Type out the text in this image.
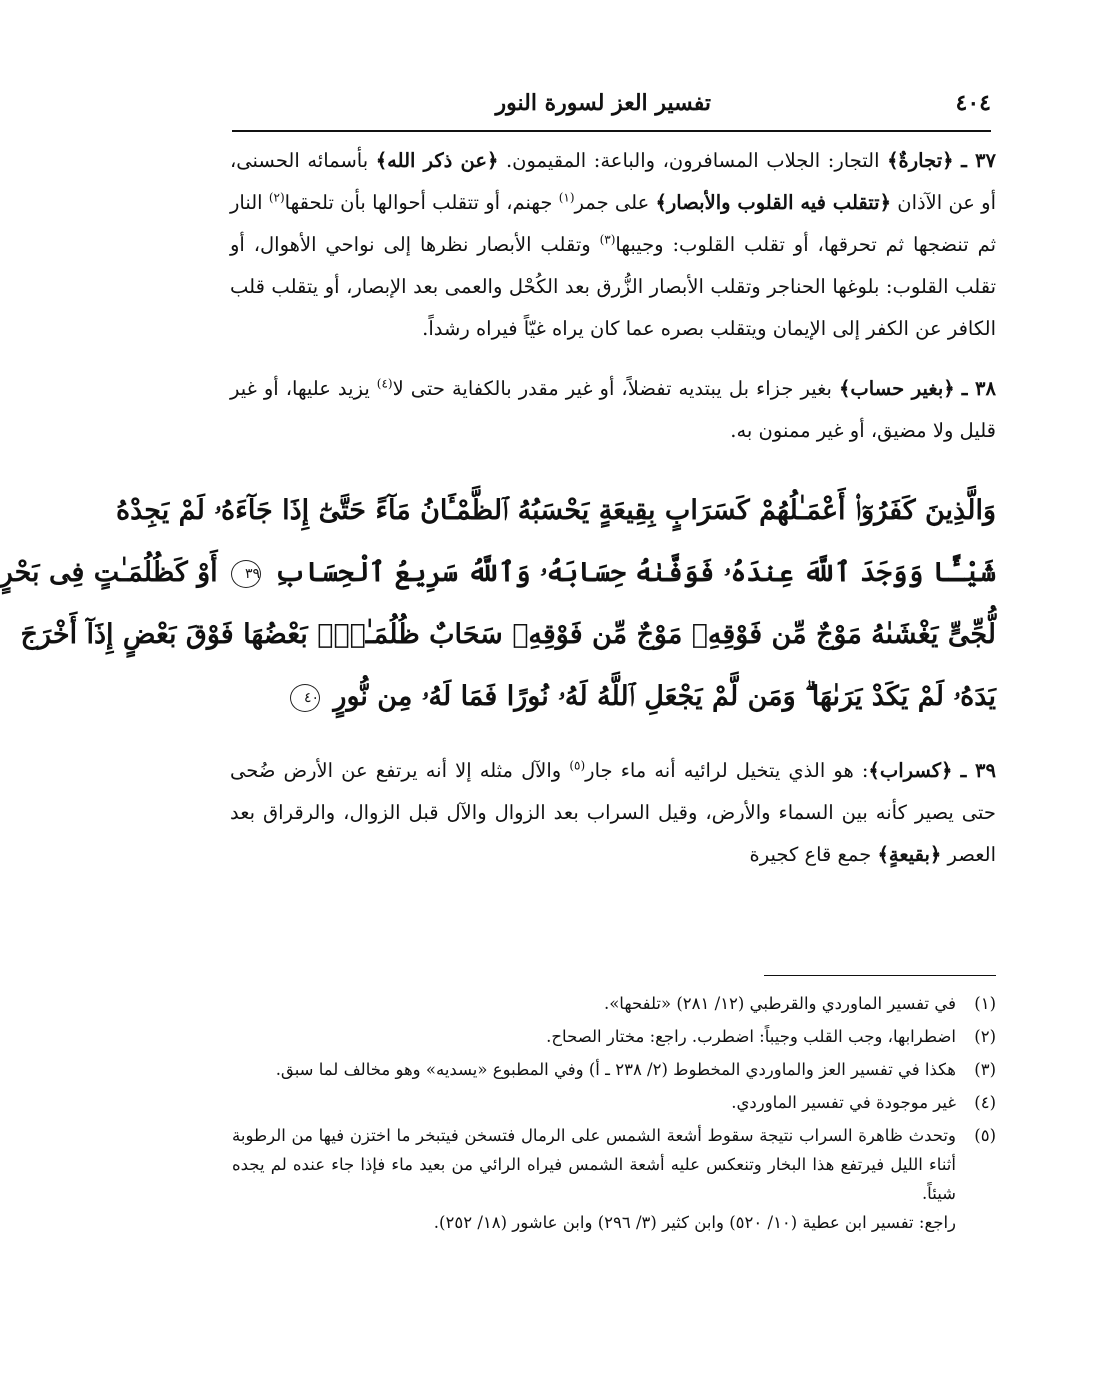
٤٠٤
تفسير العز لسورة النور

٣٧ ـ ﴿تجارةٌ﴾ التجار: الجلاب المسافرون، والباعة: المقيمون. ﴿عن ذكر الله﴾ بأسمائه الحسنى، أو عن الآذان ﴿تتقلب فيه القلوب والأبصار﴾ على جمر$^{(١)}$ جهنم، أو تتقلب أحوالها بأن تلحقها$^{(٢)}$ النار ثم تنضجها ثم تحرقها، أو تقلب القلوب: وجيبها$^{(٣)}$ وتقلب الأبصار نظرها إلى نواحي الأهوال، أو تقلب القلوب: بلوغها الحناجر وتقلب الأبصار الزُّرق بعد الكُحْل والعمى بعد الإبصار، أو يتقلب قلب الكافر عن الكفر إلى الإيمان ويتقلب بصره عما كان يراه غيّاً فيراه رشداً.

٣٨ ـ ﴿بغير حساب﴾ بغير جزاء بل يبتديه تفضلاً، أو غير مقدر بالكفاية حتى لا$^{(٤)}$ يزيد عليها، أو غير قليل ولا مضيق، أو غير ممنون به.

وَالَّذِينَ كَفَرُوٓا۟ أَعْمَـٰلُهُمْ كَسَرَابٍ بِقِيعَةٍ يَحْسَبُهُ ٱلظَّمْـَٔانُ مَآءً حَتَّىٰٓ إِذَا جَآءَهُۥ لَمْ يَجِدْهُ
شَيْـًٔا وَوَجَدَ ٱللَّهَ عِندَهُۥ فَوَفَّىٰهُ حِسَابَهُۥ وَٱللَّهُ سَرِيعُ ٱلْحِسَابِ ٣٩ أَوْ كَظُلُمَـٰتٍ فِى بَحْرٍ
لُّجِّىٍّ يَغْشَىٰهُ مَوْجٌ مِّن فَوْقِهِۦ مَوْجٌ مِّن فَوْقِهِۦ سَحَابٌ ظُلُمَـٰتٌۢ بَعْضُهَا فَوْقَ بَعْضٍ إِذَآ أَخْرَجَ
يَدَهُۥ لَمْ يَكَدْ يَرَىٰهَا ۗ وَمَن لَّمْ يَجْعَلِ ٱللَّهُ لَهُۥ نُورًا فَمَا لَهُۥ مِن نُّورٍ ٤٠

٣٩ ـ ﴿كسراب﴾: هو الذي يتخيل لرائيه أنه ماء جار$^{(٥)}$ والآل مثله إلا أنه يرتفع عن الأرض ضُحى حتى يصير كأنه بين السماء والأرض، وقيل السراب بعد الزوال والآل قبل الزوال، والرقراق بعد العصر ﴿بقيعةٍ﴾ جمع قاع كجيرة

(١)
في تفسير الماوردي والقرطبي (١٢/ ٢٨١) «تلفحها».
(٢)
اضطرابها، وجب القلب وجيباً: اضطرب. راجع: مختار الصحاح.
(٣)
هكذا في تفسير العز والماوردي المخطوط (٢/ ٢٣٨ ـ أ) وفي المطبوع «يسديه» وهو مخالف لما سبق.
(٤)
غير موجودة في تفسير الماوردي.
(٥)
وتحدث ظاهرة السراب نتيجة سقوط أشعة الشمس على الرمال فتسخن فيتبخر ما اختزن فيها من الرطوبة أثناء الليل فيرتفع هذا البخار وتنعكس عليه أشعة الشمس فيراه الرائي من بعيد ماء فإذا جاء عنده لم يجده شيئاً.
راجع: تفسير ابن عطية (١٠/ ٥٢٠) وابن كثير (٣/ ٢٩٦) وابن عاشور (١٨/ ٢٥٢).
